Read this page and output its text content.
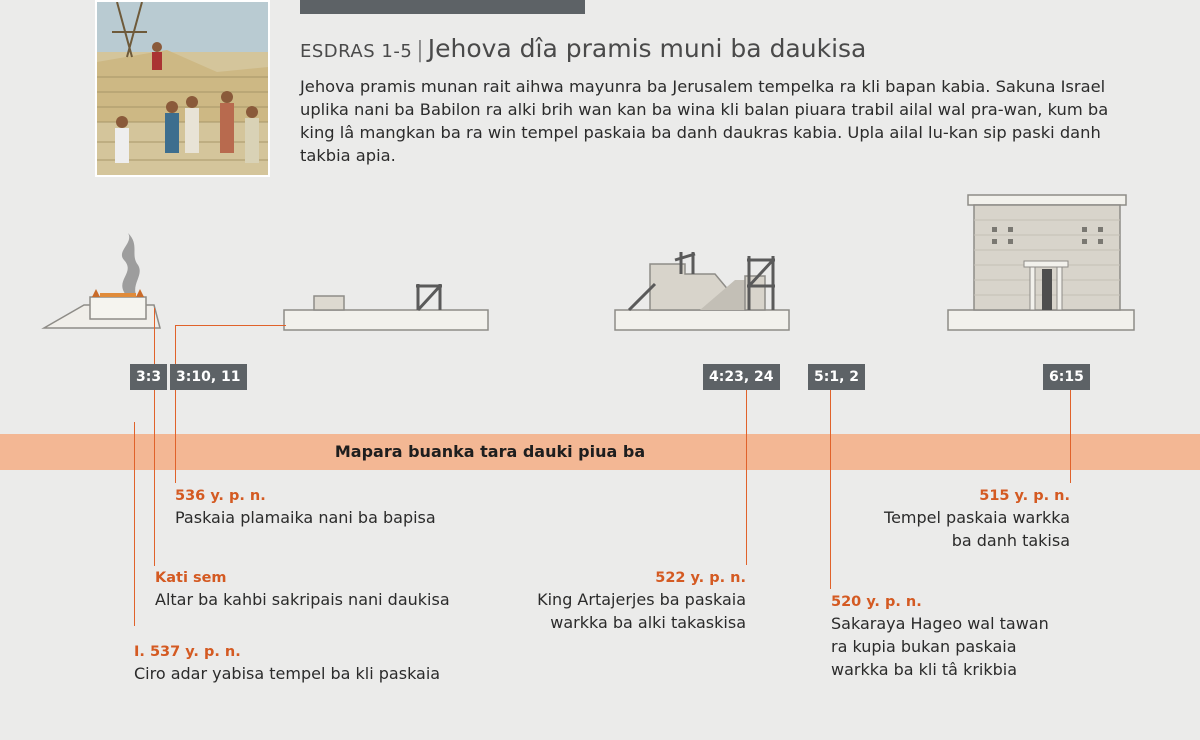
ESDRAS 1-5 | Jehova dîa pramis muni ba daukisa
Jehova pramis munan rait aihwa mayunra ba Jerusalem tempelka ra kli bapan kabia. Sakuna Israel uplika nani ba Babilon ra alki brih wan kan ba wina kli balan piuara trabil ailal wal pra-wan, kum ba king lâ mangkan ba ra win tempel paskaia ba danh daukras kabia. Upla ailal lu-kan sip paski danh takbia apia.
Mapara buanka tara dauki piua ba
3:3	3:10, 11	4:23, 24	5:1, 2	6:15
536 y. p. n.
Paskaia plamaika nani ba bapisa
Kati sem
Altar ba kahbi sakripais nani daukisa
I. 537 y. p. n.
Ciro adar yabisa tempel ba kli paskaia
522 y. p. n.
King Artajerjes ba paskaia
warkka ba alki takaskisa
520 y. p. n.
Sakaraya Hageo wal tawan
ra kupia bukan paskaia
warkka ba kli tâ krikbia
515 y. p. n.
Tempel paskaia warkka
ba danh takisa
